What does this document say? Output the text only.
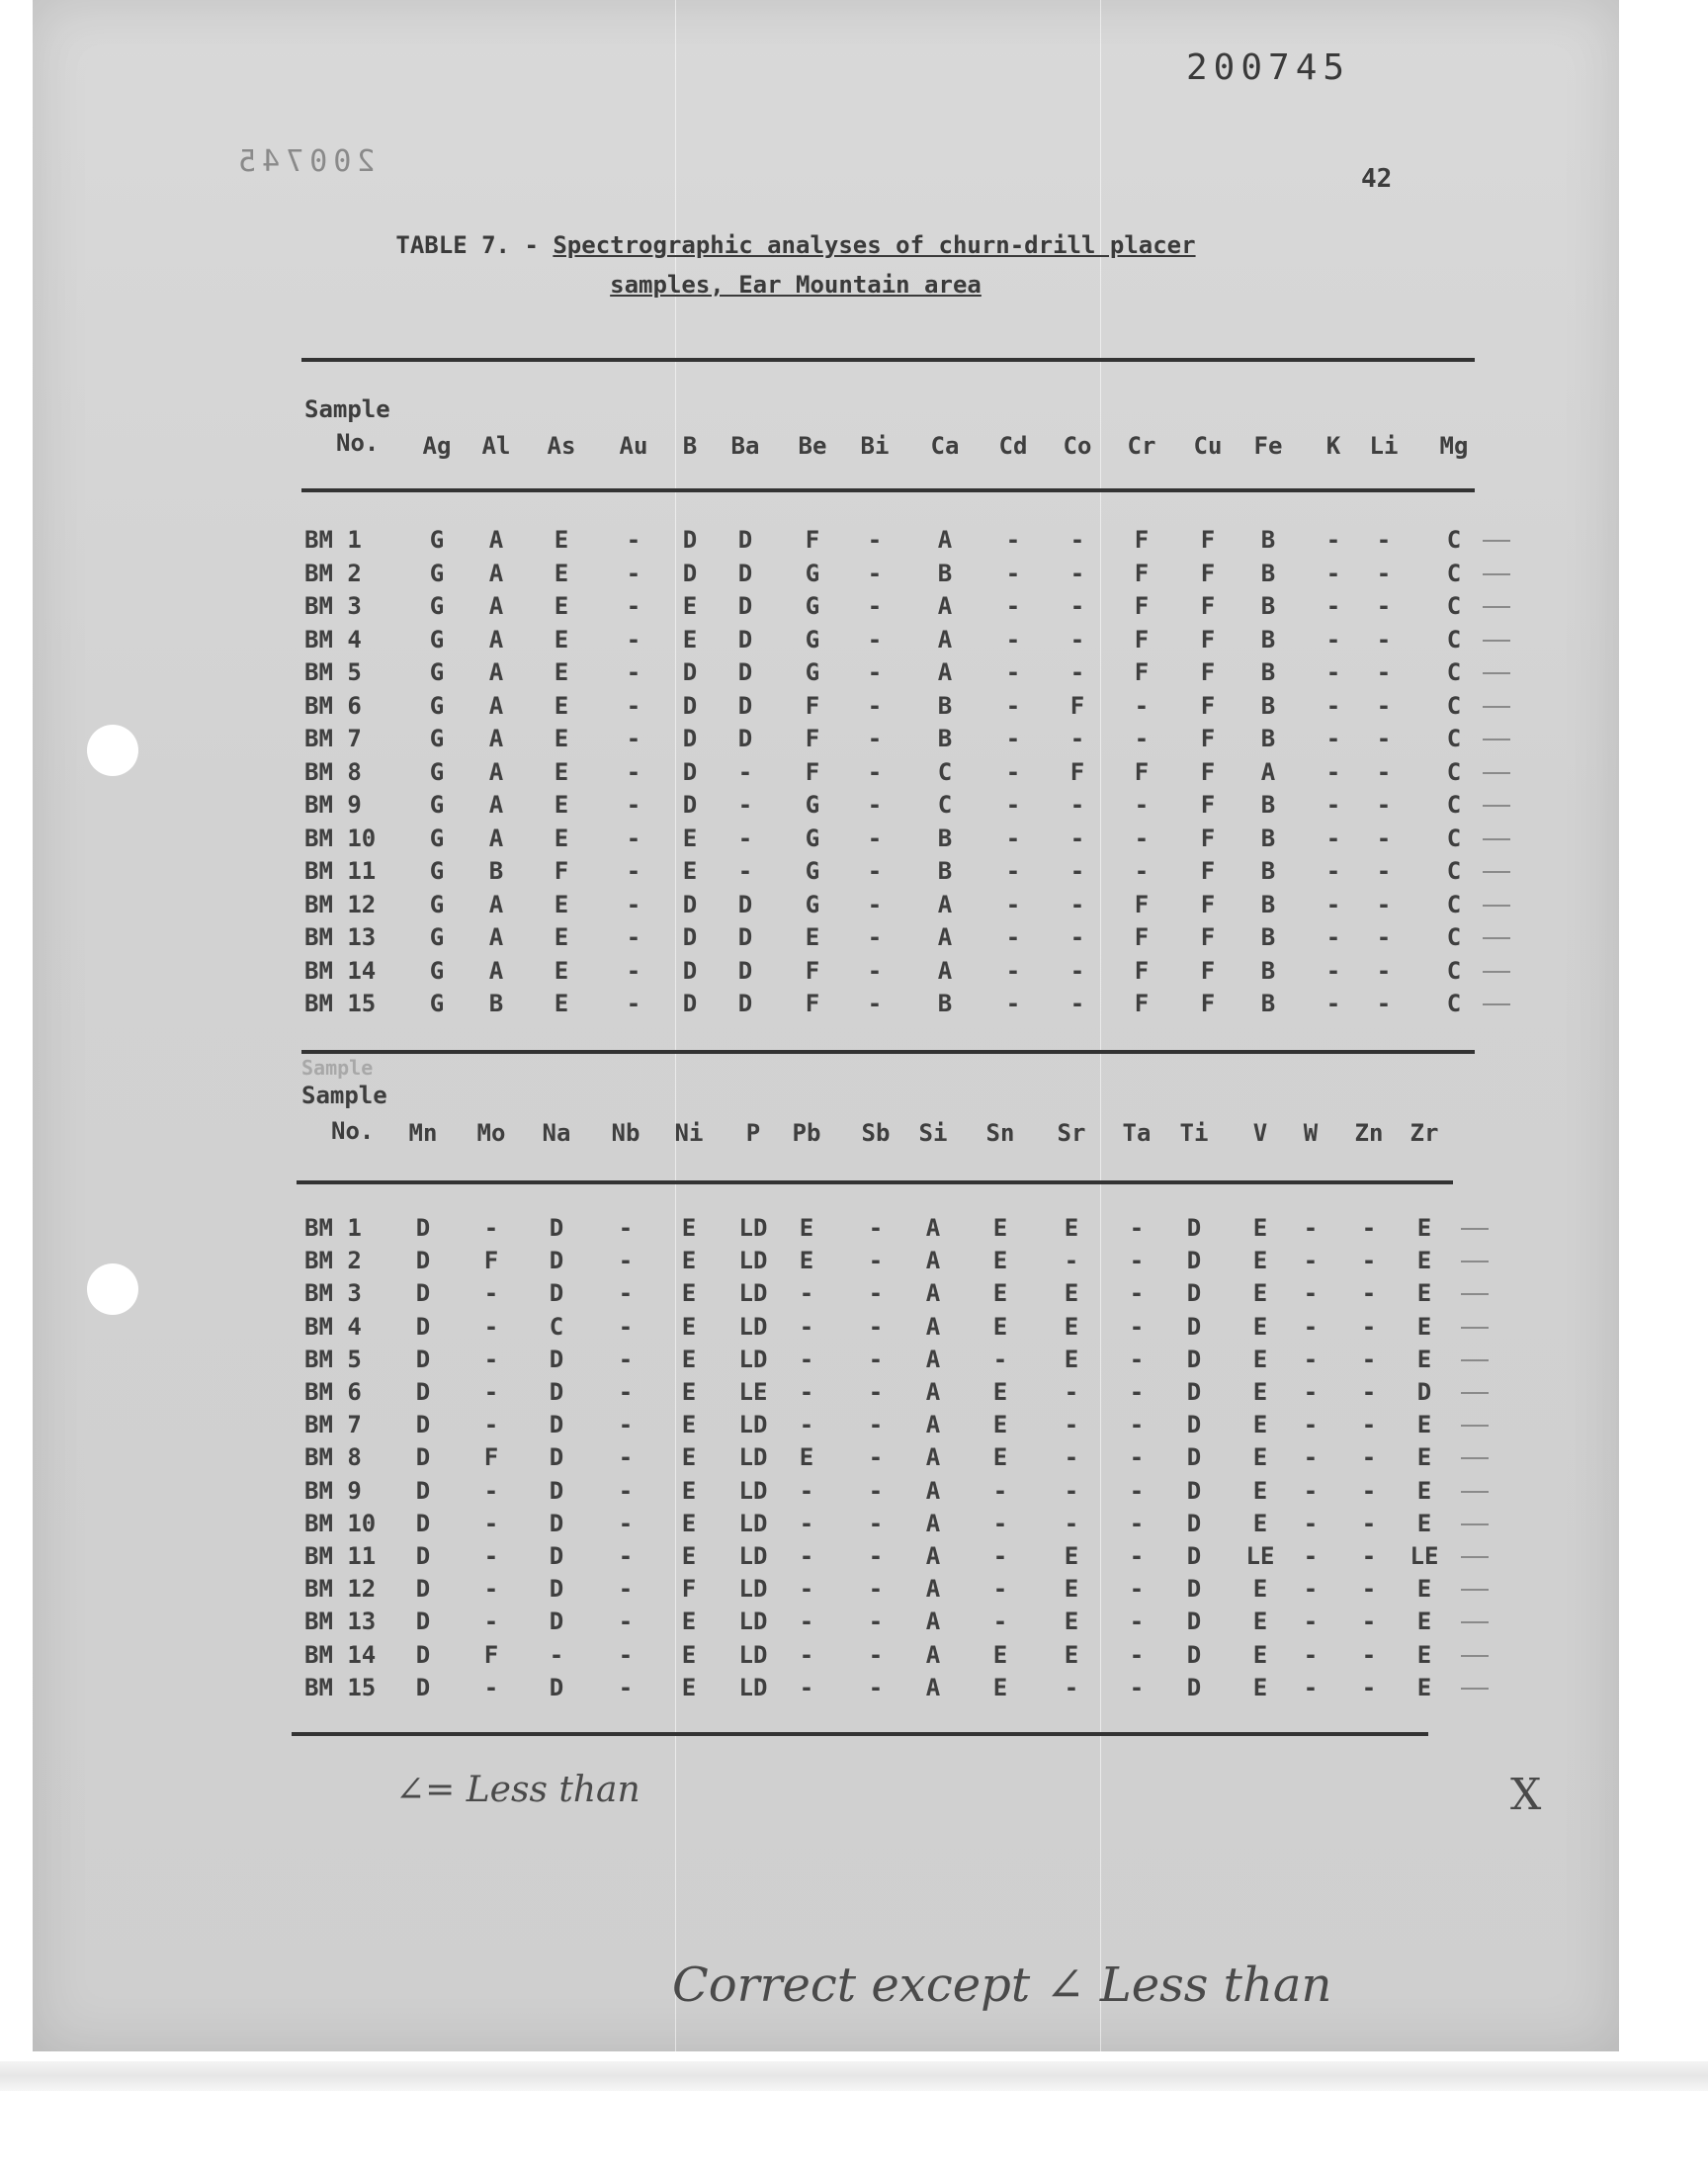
200745
200745	42
TABLE 7. - Spectrographic analyses of churn-drill placer
samples, Ear Mountain area
Sample
No.	Ag	Al	As	Au	B	Ba	Be	Bi	Ca	Cd	Co	Cr	Cu	Fe	K	Li	Mg
BM 1	G	A	E	-	D	D	F	-	A	-	-	F	F	B	-	-	C
BM 2	G	A	E	-	D	D	G	-	B	-	-	F	F	B	-	-	C
BM 3	G	A	E	-	E	D	G	-	A	-	-	F	F	B	-	-	C
BM 4	G	A	E	-	E	D	G	-	A	-	-	F	F	B	-	-	C
BM 5	G	A	E	-	D	D	G	-	A	-	-	F	F	B	-	-	C
BM 6	G	A	E	-	D	D	F	-	B	-	F	-	F	B	-	-	C
BM 7	G	A	E	-	D	D	F	-	B	-	-	-	F	B	-	-	C
BM 8	G	A	E	-	D	-	F	-	C	-	F	F	F	A	-	-	C
BM 9	G	A	E	-	D	-	G	-	C	-	-	-	F	B	-	-	C
BM 10	G	A	E	-	E	-	G	-	B	-	-	-	F	B	-	-	C
BM 11	G	B	F	-	E	-	G	-	B	-	-	-	F	B	-	-	C
BM 12	G	A	E	-	D	D	G	-	A	-	-	F	F	B	-	-	C
BM 13	G	A	E	-	D	D	E	-	A	-	-	F	F	B	-	-	C
BM 14	G	A	E	-	D	D	F	-	A	-	-	F	F	B	-	-	C
BM 15	G	B	E	-	D	D	F	-	B	-	-	F	F	B	-	-	C
Sample
Sample
No.	Mn	Mo	Na	Nb	Ni	P	Pb	Sb	Si	Sn	Sr	Ta	Ti	V	W	Zn	Zr
BM 1	D	-	D	-	E	LD	E	-	A	E	E	-	D	E	-	-	E
BM 2	D	F	D	-	E	LD	E	-	A	E	-	-	D	E	-	-	E
BM 3	D	-	D	-	E	LD	-	-	A	E	E	-	D	E	-	-	E
BM 4	D	-	C	-	E	LD	-	-	A	E	E	-	D	E	-	-	E
BM 5	D	-	D	-	E	LD	-	-	A	-	E	-	D	E	-	-	E
BM 6	D	-	D	-	E	LE	-	-	A	E	-	-	D	E	-	-	D
BM 7	D	-	D	-	E	LD	-	-	A	E	-	-	D	E	-	-	E
BM 8	D	F	D	-	E	LD	E	-	A	E	-	-	D	E	-	-	E
BM 9	D	-	D	-	E	LD	-	-	A	-	-	-	D	E	-	-	E
BM 10	D	-	D	-	E	LD	-	-	A	-	-	-	D	E	-	-	E
BM 11	D	-	D	-	E	LD	-	-	A	-	E	-	D	LE	-	-	LE
BM 12	D	-	D	-	F	LD	-	-	A	-	E	-	D	E	-	-	E
BM 13	D	-	D	-	E	LD	-	-	A	-	E	-	D	E	-	-	E
BM 14	D	F	-	-	E	LD	-	-	A	E	E	-	D	E	-	-	E
BM 15	D	-	D	-	E	LD	-	-	A	E	-	-	D	E	-	-	E
∠= Less than	X
Correct except ∠ Less than
